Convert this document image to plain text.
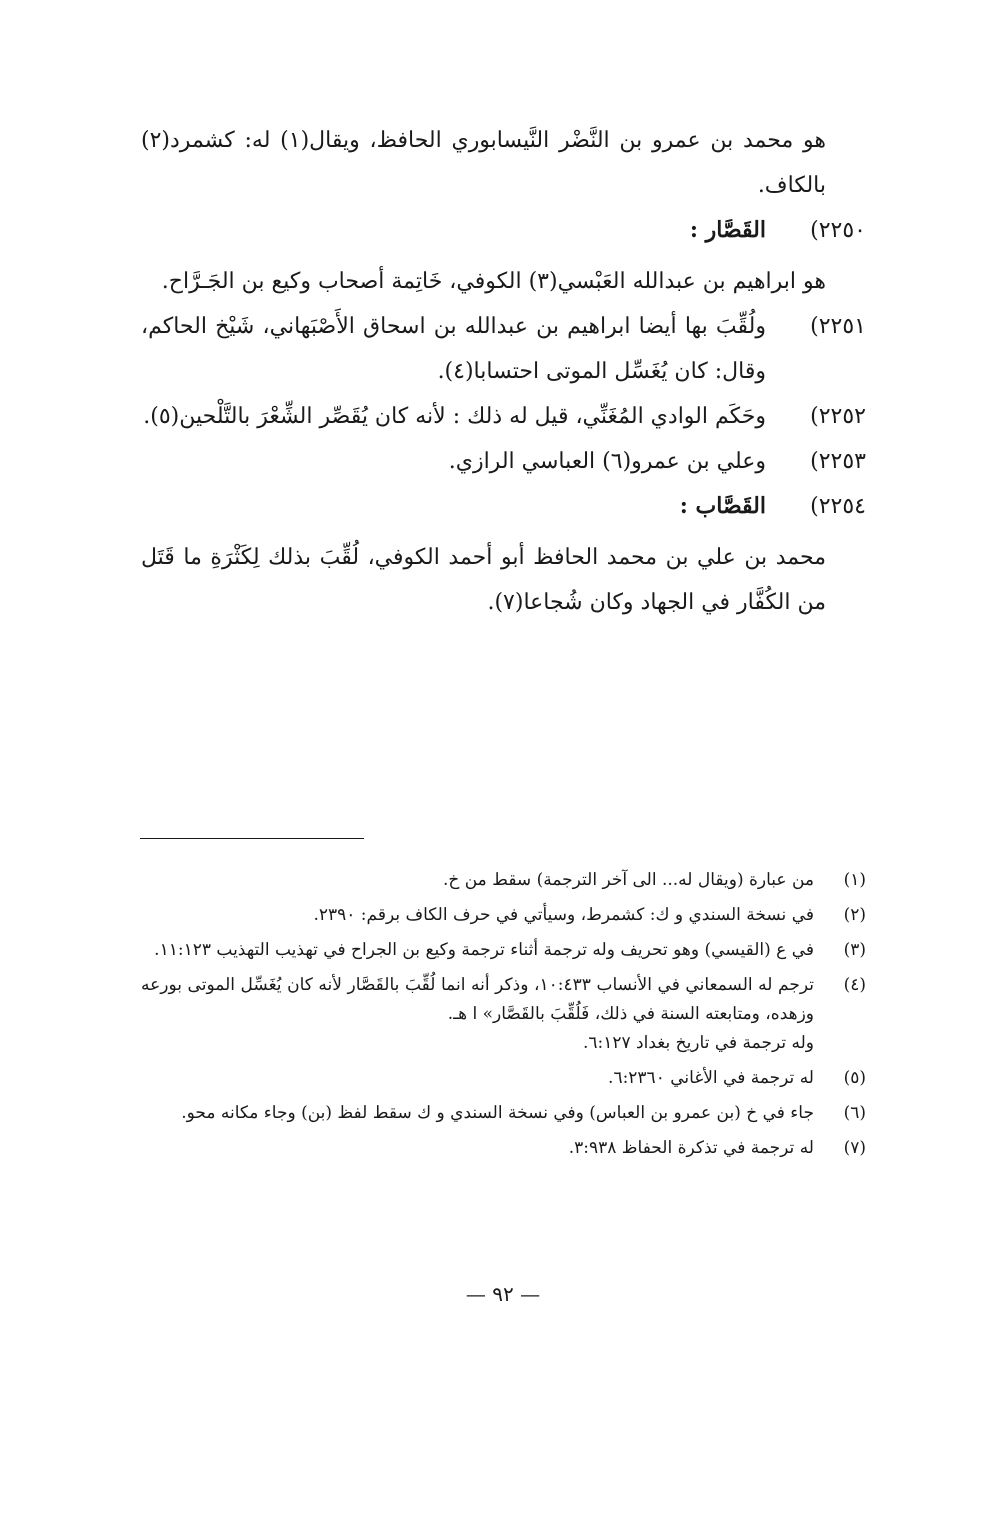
هو محمد بن عمرو بن النَّضْر النَّيسابوري الحافظ، ويقال(١) له: كشمرد(٢) بالكاف.
٢٢٥٠)
القَصَّار :
هو ابراهيم بن عبدالله العَبْسي(٣) الكوفي، خَاتِمة أصحاب وكيع بن الجَـرَّاح.
٢٢٥١)
ولُقِّبَ بها أيضا ابراهيم بن عبدالله بن اسحاق الأَصْبَهاني، شَيْخ الحاكم، وقال: كان يُغَسِّل الموتى احتسابا(٤).
٢٢٥٢)
وحَكَم الوادي المُغَنِّي، قيل له ذلك : لأنه كان يُقَصِّر الشِّعْرَ بالتَّلْحين(٥).
٢٢٥٣)
وعلي بن عمرو(٦) العباسي الرازي.
٢٢٥٤)
القَصَّاب :
محمد بن علي بن محمد الحافظ أبو أحمد الكوفي، لُقِّبَ بذلك لِكَثْرَةِ ما قَتَل من الكُفَّار في الجهاد وكان شُجاعا(٧).
(١)
من عبارة (ويقال له... الى آخر الترجمة) سقط من خ.
(٢)
في نسخة السندي و ك: كشمرط، وسيأتي في حرف الكاف برقم: ٢٣٩٠.
(٣)
في ع (القيسي) وهو تحريف وله ترجمة أثناء ترجمة وكيع بن الجراح في تهذيب التهذيب ١١:١٢٣.
(٤)
ترجم له السمعاني في الأنساب ١٠:٤٣٣، وذكر أنه انما لُقِّبَ بالقَصَّار لأنه كان يُغَسِّل الموتى بورعه وزهده، ومتابعته السنة في ذلك، فَلُقِّبَ بالقَصَّار» ا هـ.
وله ترجمة في تاريخ بغداد ٦:١٢٧.
(٥)
له ترجمة في الأغاني ٦:٢٣٦٠.
(٦)
جاء في خ (بن عمرو بن العباس) وفي نسخة السندي و ك سقط لفظ (بن) وجاء مكانه محو.
(٧)
له ترجمة في تذكرة الحفاظ ٣:٩٣٨.
— ٩٢ —
